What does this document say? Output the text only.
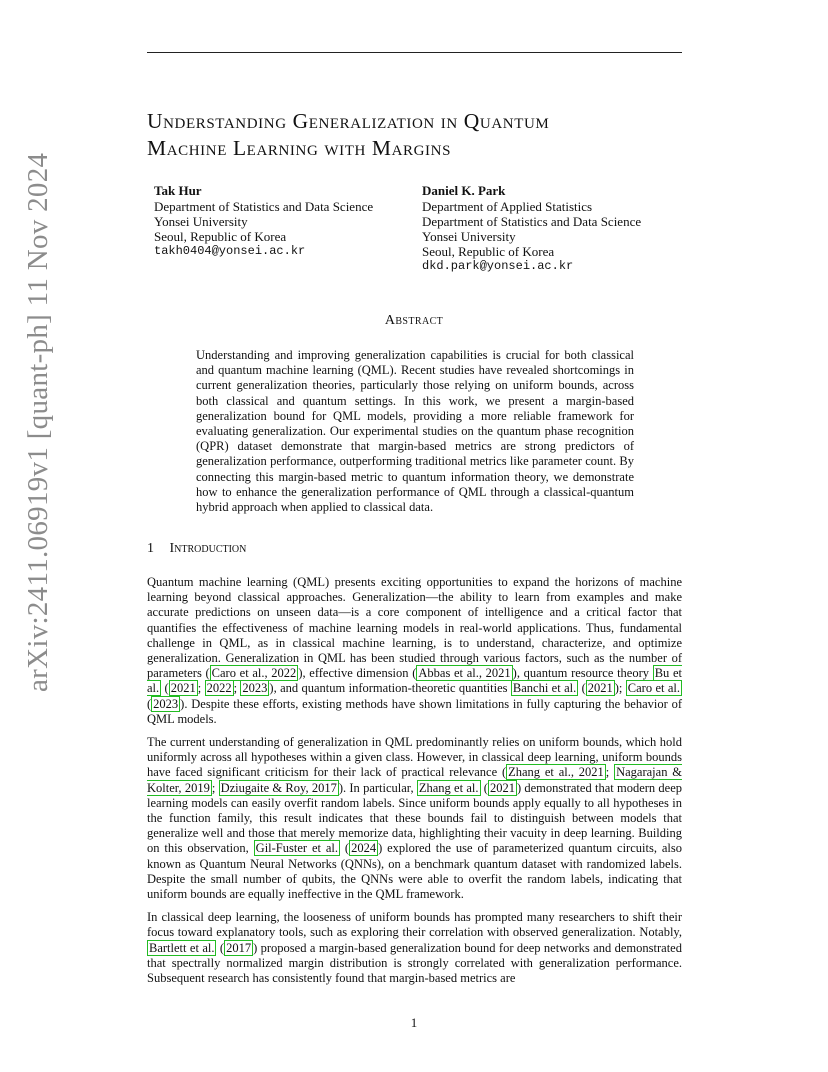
arXiv:2411.06919v1 [quant-ph] 11 Nov 2024
Understanding Generalization in Quantum
Machine Learning with Margins
Tak Hur
Department of Statistics and Data Science
Yonsei University
Seoul, Republic of Korea
takh0404@yonsei.ac.kr
Daniel K. Park
Department of Applied Statistics
Department of Statistics and Data Science
Yonsei University
Seoul, Republic of Korea
dkd.park@yonsei.ac.kr
Abstract
Understanding and improving generalization capabilities is crucial for both classical and quantum machine learning (QML). Recent studies have revealed shortcomings in current generalization theories, particularly those relying on uniform bounds, across both classical and quantum settings. In this work, we present a margin-based generalization bound for QML models, providing a more reliable framework for evaluating generalization. Our experimental studies on the quantum phase recognition (QPR) dataset demonstrate that margin-based metrics are strong predictors of generalization performance, outperforming traditional metrics like parameter count. By connecting this margin-based metric to quantum information theory, we demonstrate how to enhance the generalization performance of QML through a classical-quantum hybrid approach when applied to classical data.
1 Introduction

Quantum machine learning (QML) presents exciting opportunities to expand the horizons of machine learning beyond classical approaches. Generalization—the ability to learn from examples and make accurate predictions on unseen data—is a core component of intelligence and a critical factor that quantifies the effectiveness of machine learning models in real-world applications. Thus, fundamental challenge in QML, as in classical machine learning, is to understand, characterize, and optimize generalization. Generalization in QML has been studied through various factors, such as the number of parameters ( Caro et al., 2022 ), effective dimension ( Abbas et al., 2021 ), quantum resource theory Bu et al. ( 2021 ; 2022 ; 2023 ), and quantum information-theoretic quantities Banchi et al. ( 2021 ); Caro et al. ( 2023 ). Despite these efforts, existing methods have shown limitations in fully capturing the behavior of QML models.

The current understanding of generalization in QML predominantly relies on uniform bounds, which hold uniformly across all hypotheses within a given class. However, in classical deep learning, uniform bounds have faced significant criticism for their lack of practical relevance ( Zhang et al., 2021 ; Nagarajan & Kolter, 2019 ; Dziugaite & Roy, 2017 ). In particular, Zhang et al. ( 2021 ) demonstrated that modern deep learning models can easily overfit random labels. Since uniform bounds apply equally to all hypotheses in the function family, this result indicates that these bounds fail to distinguish between models that generalize well and those that merely memorize data, highlighting their vacuity in deep learning. Building on this observation, Gil-Fuster et al. ( 2024 ) explored the use of parameterized quantum circuits, also known as Quantum Neural Networks (QNNs), on a benchmark quantum dataset with randomized labels. Despite the small number of qubits, the QNNs were able to overfit the random labels, indicating that uniform bounds are equally ineffective in the QML framework.

In classical deep learning, the looseness of uniform bounds has prompted many researchers to shift their focus toward explanatory tools, such as exploring their correlation with observed generalization. Notably, Bartlett et al. ( 2017 ) proposed a margin-based generalization bound for deep networks and demonstrated that spectrally normalized margin distribution is strongly correlated with generalization performance. Subsequent research has consistently found that margin-based metrics are

1
